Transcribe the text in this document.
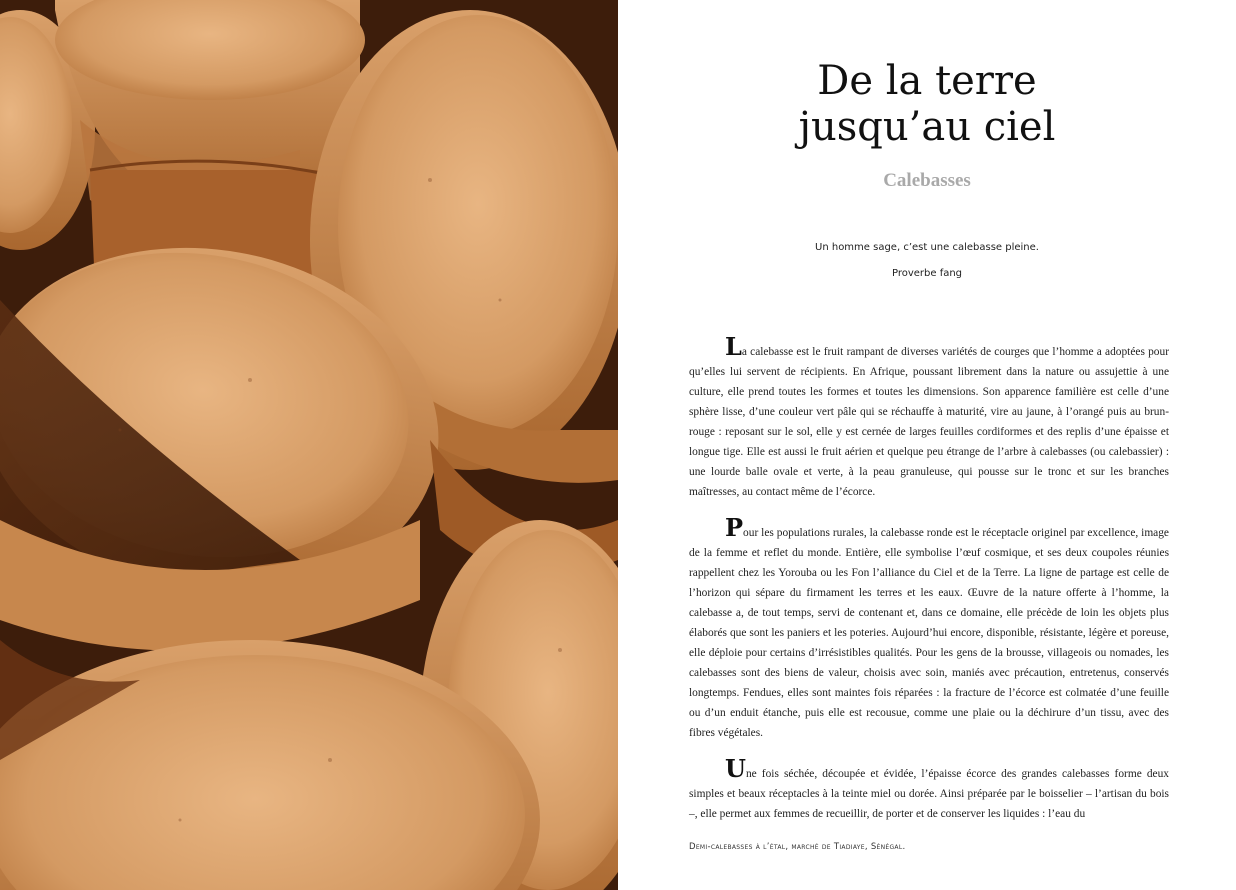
De la terre
jusqu’au ciel
Calebasses
Un homme sage, c’est une calebasse pleine.
Proverbe fang

La calebasse est le fruit rampant de diverses variétés de courges que l’homme a adoptées pour qu’elles lui servent de récipients. En Afrique, poussant librement dans la nature ou assujettie à une culture, elle prend toutes les formes et toutes les dimensions. Son apparence familière est celle d’une sphère lisse, d’une couleur vert pâle qui se réchauffe à maturité, vire au jaune, à l’orangé puis au brun-rouge : reposant sur le sol, elle y est cernée de larges feuilles cordiformes et des replis d’une épaisse et longue tige. Elle est aussi le fruit aérien et quelque peu étrange de l’arbre à calebasses (ou calebassier) : une lourde balle ovale et verte, à la peau granuleuse, qui pousse sur le tronc et sur les branches maîtresses, au contact même de l’écorce.

Pour les populations rurales, la calebasse ronde est le réceptacle originel par excellence, image de la femme et reflet du monde. Entière, elle symbolise l’œuf cosmique, et ses deux coupoles réunies rappellent chez les Yorouba ou les Fon l’alliance du Ciel et de la Terre. La ligne de partage est celle de l’horizon qui sépare du firmament les terres et les eaux. Œuvre de la nature offerte à l’homme, la calebasse a, de tout temps, servi de contenant et, dans ce domaine, elle précède de loin les objets plus élaborés que sont les paniers et les poteries. Aujourd’hui encore, disponible, résistante, légère et poreuse, elle déploie pour certains d’irrésistibles qualités. Pour les gens de la brousse, villageois ou nomades, les calebasses sont des biens de valeur, choisis avec soin, maniés avec précaution, entretenus, conservés longtemps. Fendues, elles sont maintes fois réparées : la fracture de l’écorce est colmatée d’une feuille ou d’un enduit étanche, puis elle est recousue, comme une plaie ou la déchirure d’un tissu, avec des fibres végétales.

Une fois séchée, découpée et évidée, l’épaisse écorce des grandes calebasses forme deux simples et beaux réceptacles à la teinte miel ou dorée. Ainsi préparée par le boisselier – l’artisan du bois –, elle permet aux femmes de recueillir, de porter et de conserver les liquides : l’eau du

Demi-calebasses à l’étal, marché de Tiadiaye, Sénégal.
